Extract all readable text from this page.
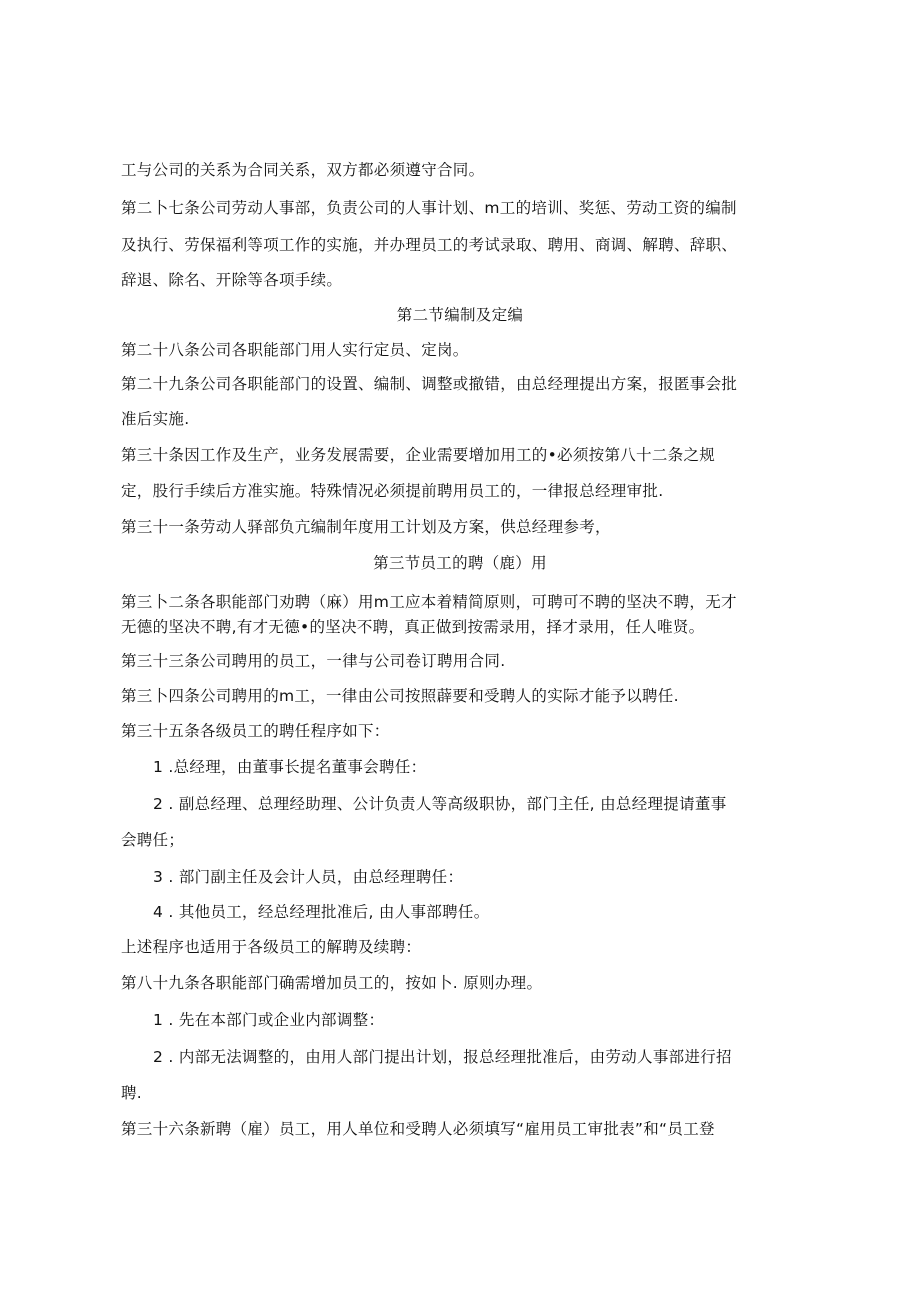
工与公司的关系为合同关系，双方都必须遵守合同。
第二卜七条公司劳动人事部，负责公司的人事计划、m工的培训、奖惩、劳动工资的编制
及执行、劳保福利等项工作的实施，并办理员工的考试录取、聘用、商调、解聘、辞职、
辞退、除名、开除等各项手续。
第二节编制及定编
第二十八条公司各职能部门用人实行定员、定岗。
第二十九条公司各职能部门的设置、编制、调整或撤错，由总经理提出方案，报匿事会批
准后实施.
第三十条因工作及生产，业务发展需要，企业需要增加用工的•必须按第八十二条之规
定，股行手续后方准实施。特殊情况必须提前聘用员工的，一律报总经理审批.
第三十一条劳动人驿部负亢编制年度用工计划及方案，供总经理参考，
第三节员工的聘（鹿）用
第三卜二条各职能部门劝聘（麻）用m工应本着精简原则，可聘可不聘的坚决不聘，无才
无德的坚决不聘,有才无德•的坚决不聘，真正做到按需录用，择才录用，任人唯贤。
第三十三条公司聘用的员工，一律与公司卷订聘用合同.
第三卜四条公司聘用的m工，一律由公司按照薜要和受聘人的实际才能予以聘任.
第三十五条各级员工的聘任程序如下：
1 .总经理，由董事长提名董事会聘任：
2 . 副总经理、总理经助理、公计负责人等高级职协，部门主任, 由总经理提请董事
会聘任；
3 . 部门副主任及会计人员，由总经理聘任：
4 . 其他员工，经总经理批准后, 由人事部聘任。
上述程序也适用于各级员工的解聘及续聘：
第八十九条各职能部门确需增加员工的，按如卜. 原则办理。
1 . 先在本部门或企业内部调整：
2 . 内部无法调整的，由用人部门提出计划，报总经理批准后，由劳动人事部进行招
聘.
第三十六条新聘（雇）员工，用人单位和受聘人必须填写“雇用员工审批表”和“员工登
